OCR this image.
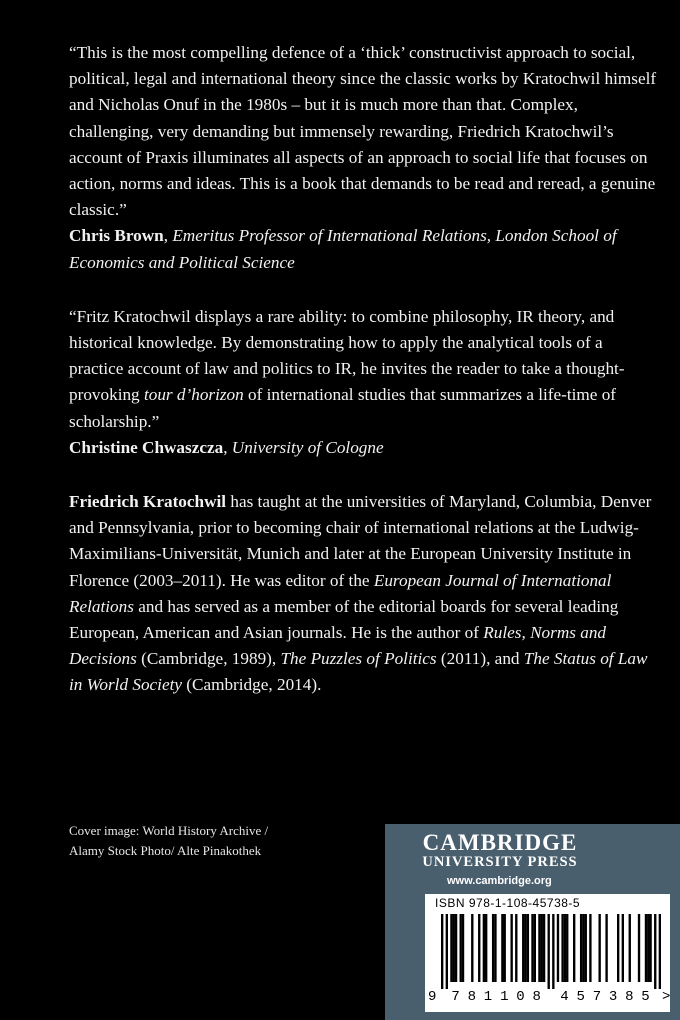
“This is the most compelling defence of a ‘thick’ constructivist approach to social, political, legal and international theory since the classic works by Kratochwil himself and Nicholas Onuf in the 1980s – but it is much more than that. Complex, challenging, very demanding but immensely rewarding, Friedrich Kratochwil’s account of Praxis illuminates all aspects of an approach to social life that focuses on action, norms and ideas. This is a book that demands to be read and reread, a genuine classic.”

Chris Brown, Emeritus Professor of International Relations, London School of Economics and Political Science

“Fritz Kratochwil displays a rare ability: to combine philosophy, IR theory, and historical knowledge. By demonstrating how to apply the analytical tools of a practice account of law and politics to IR, he invites the reader to take a thought-provoking tour d’horizon of international studies that summarizes a life-time of scholarship.”

Christine Chwaszcza, University of Cologne

Friedrich Kratochwil has taught at the universities of Maryland, Columbia, Denver and Pennsylvania, prior to becoming chair of international relations at the Ludwig-Maximilians-Universität, Munich and later at the European University Institute in Florence (2003–2011). He was editor of the European Journal of International Relations and has served as a member of the editorial boards for several leading European, American and Asian journals. He is the author of Rules, Norms and Decisions (Cambridge, 1989), The Puzzles of Politics (2011), and The Status of Law in World Society (Cambridge, 2014).

Cover image: World History Archive /
Alamy Stock Photo/ Alte Pinakothek	CAMBRIDGE
UNIVERSITY PRESS
www.cambridge.org
ISBN 978-1-108-45738-5
9 7 8 1 1 0 8 4 5 7 3 8 5 >
